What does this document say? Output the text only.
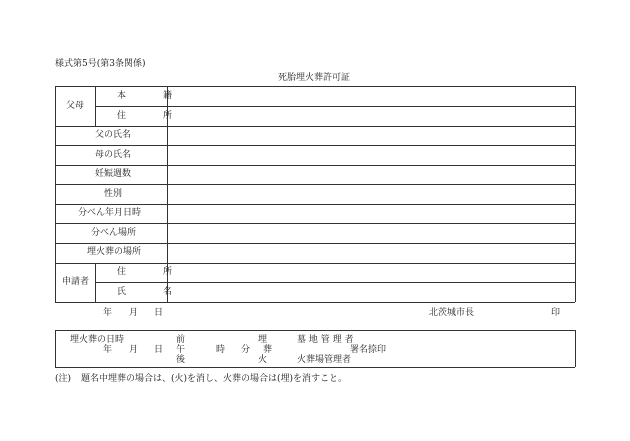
様式第5号(第3条関係)
死胎埋火葬許可証
父母
本　籍
住　所
父の氏名
母の氏名
妊娠週数
性別
分べん年月日時
分べん場所
埋火葬の場所
申請者
住　所
氏　名
年 月 日	北茨城市長	印
埋火葬の日時	前	埋	墓 地 管 理 者
年 月 日 午	時 分 葬	署名捺印
後	火	火葬場管理者
(注) 題名中埋葬の場合は、(火)を消し、火葬の場合は(埋)を消すこと。
